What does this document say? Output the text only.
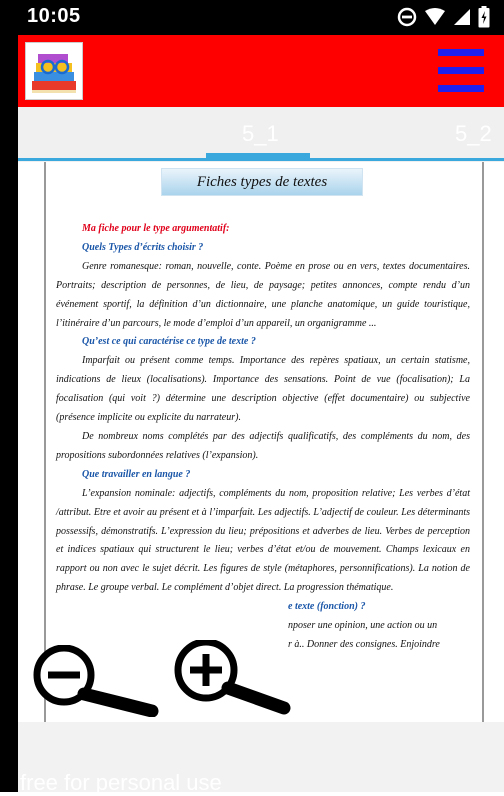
10:05
5_1	5_2
Fiches types de textes

Ma fiche pour le type argumentatif:

Quels Types d’écrits choisir ?

Genre romanesque: roman, nouvelle, conte. Poème en prose ou en vers, textes documentaires. Portraits; description de personnes, de lieu, de paysage; petites annonces, compte rendu d’un événement sportif, la définition d’un dictionnaire, une planche anatomique, un guide touristique, l’itinéraire d’un parcours, le mode d’emploi d’un appareil, un organigramme ...

Qu’est ce qui caractérise ce type de texte ?

Imparfait ou présent comme temps. Importance des repères spatiaux, un certain statisme, indications de lieux (localisations). Importance des sensations. Point de vue (focalisation); La focalisation (qui voit ?) détermine une description objective (effet documentaire) ou subjective (présence implicite ou explicite du narrateur).

De nombreux noms complétés par des adjectifs qualificatifs, des compléments du nom, des propositions subordonnées relatives (l’expansion).

Que travailler en langue ?

L’expansion nominale: adjectifs, compléments du nom, proposition relative; Les verbes d’état /attribut. Etre et avoir au présent et à l’imparfait. Les adjectifs. L’adjectif de couleur. Les déterminants possessifs, démonstratifs. L’expression du lieu; prépositions et adverbes de lieu. Verbes de perception et indices spatiaux qui structurent le lieu; verbes d’état et/ou de mouvement. Champs lexicaux en rapport ou non avec le sujet décrit. Les figures de style (métaphores, personnifications). La notion de phrase. Le groupe verbal. Le complément d’objet direct. La progression thématique.

e texte (fonction) ?

nposer une opinion, une action ou un

r à.. Donner des consignes. Enjoindre

free for personal use
